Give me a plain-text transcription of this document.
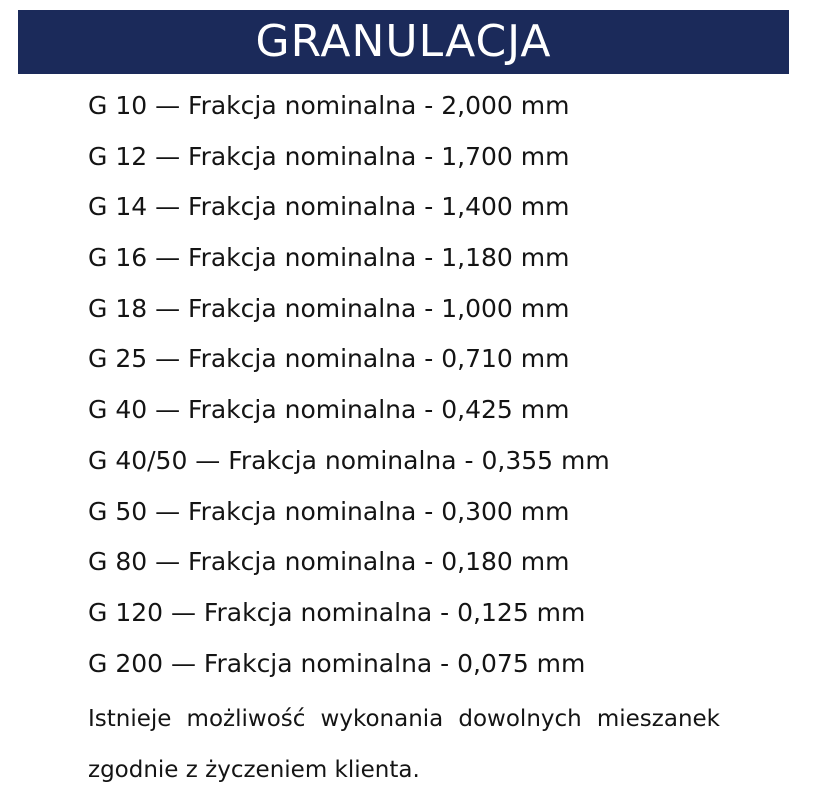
GRANULACJA
G 10 — Frakcja nominalna - 2,000 mm
G 12 — Frakcja nominalna - 1,700 mm
G 14 — Frakcja nominalna - 1,400 mm
G 16 — Frakcja nominalna - 1,180 mm
G 18 — Frakcja nominalna - 1,000 mm
G 25 — Frakcja nominalna - 0,710 mm
G 40 — Frakcja nominalna - 0,425 mm
G 40/50 — Frakcja nominalna - 0,355 mm
G 50 — Frakcja nominalna - 0,300 mm
G 80 — Frakcja nominalna - 0,180 mm
G 120 — Frakcja nominalna - 0,125 mm
G 200 — Frakcja nominalna - 0,075 mm

Istnieje możliwość wykonania dowolnych mieszanek zgodnie z życzeniem klienta.
